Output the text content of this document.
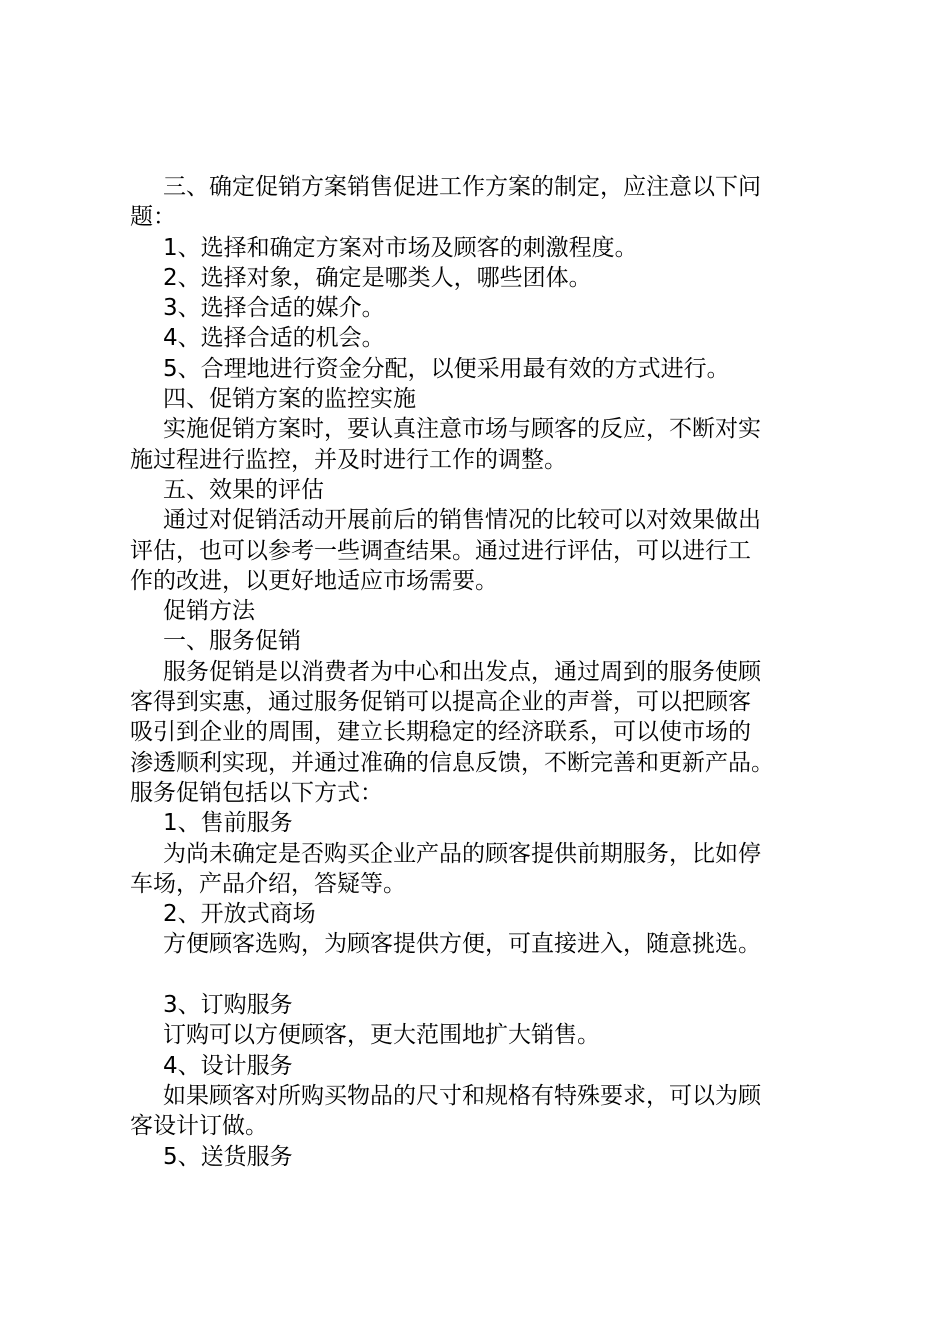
三、确定促销方案销售促进工作方案的制定，应注意以下问
题：
1、选择和确定方案对市场及顾客的刺激程度。
2、选择对象，确定是哪类人，哪些团体。
3、选择合适的媒介。
4、选择合适的机会。
5、合理地进行资金分配，以便采用最有效的方式进行。
四、促销方案的监控实施
实施促销方案时，要认真注意市场与顾客的反应，不断对实
施过程进行监控，并及时进行工作的调整。
五、效果的评估
通过对促销活动开展前后的销售情况的比较可以对效果做出
评估，也可以参考一些调查结果。通过进行评估，可以进行工
作的改进，以更好地适应市场需要。
促销方法
一、服务促销
服务促销是以消费者为中心和出发点，通过周到的服务使顾
客得到实惠，通过服务促销可以提高企业的声誉，可以把顾客
吸引到企业的周围，建立长期稳定的经济联系，可以使市场的
渗透顺利实现，并通过准确的信息反馈，不断完善和更新产品。
服务促销包括以下方式：
1、售前服务
为尚未确定是否购买企业产品的顾客提供前期服务，比如停
车场，产品介绍，答疑等。
2、开放式商场
方便顾客选购，为顾客提供方便，可直接进入，随意挑选。
3、订购服务
订购可以方便顾客，更大范围地扩大销售。
4、设计服务
如果顾客对所购买物品的尺寸和规格有特殊要求，可以为顾
客设计订做。
5、送货服务
